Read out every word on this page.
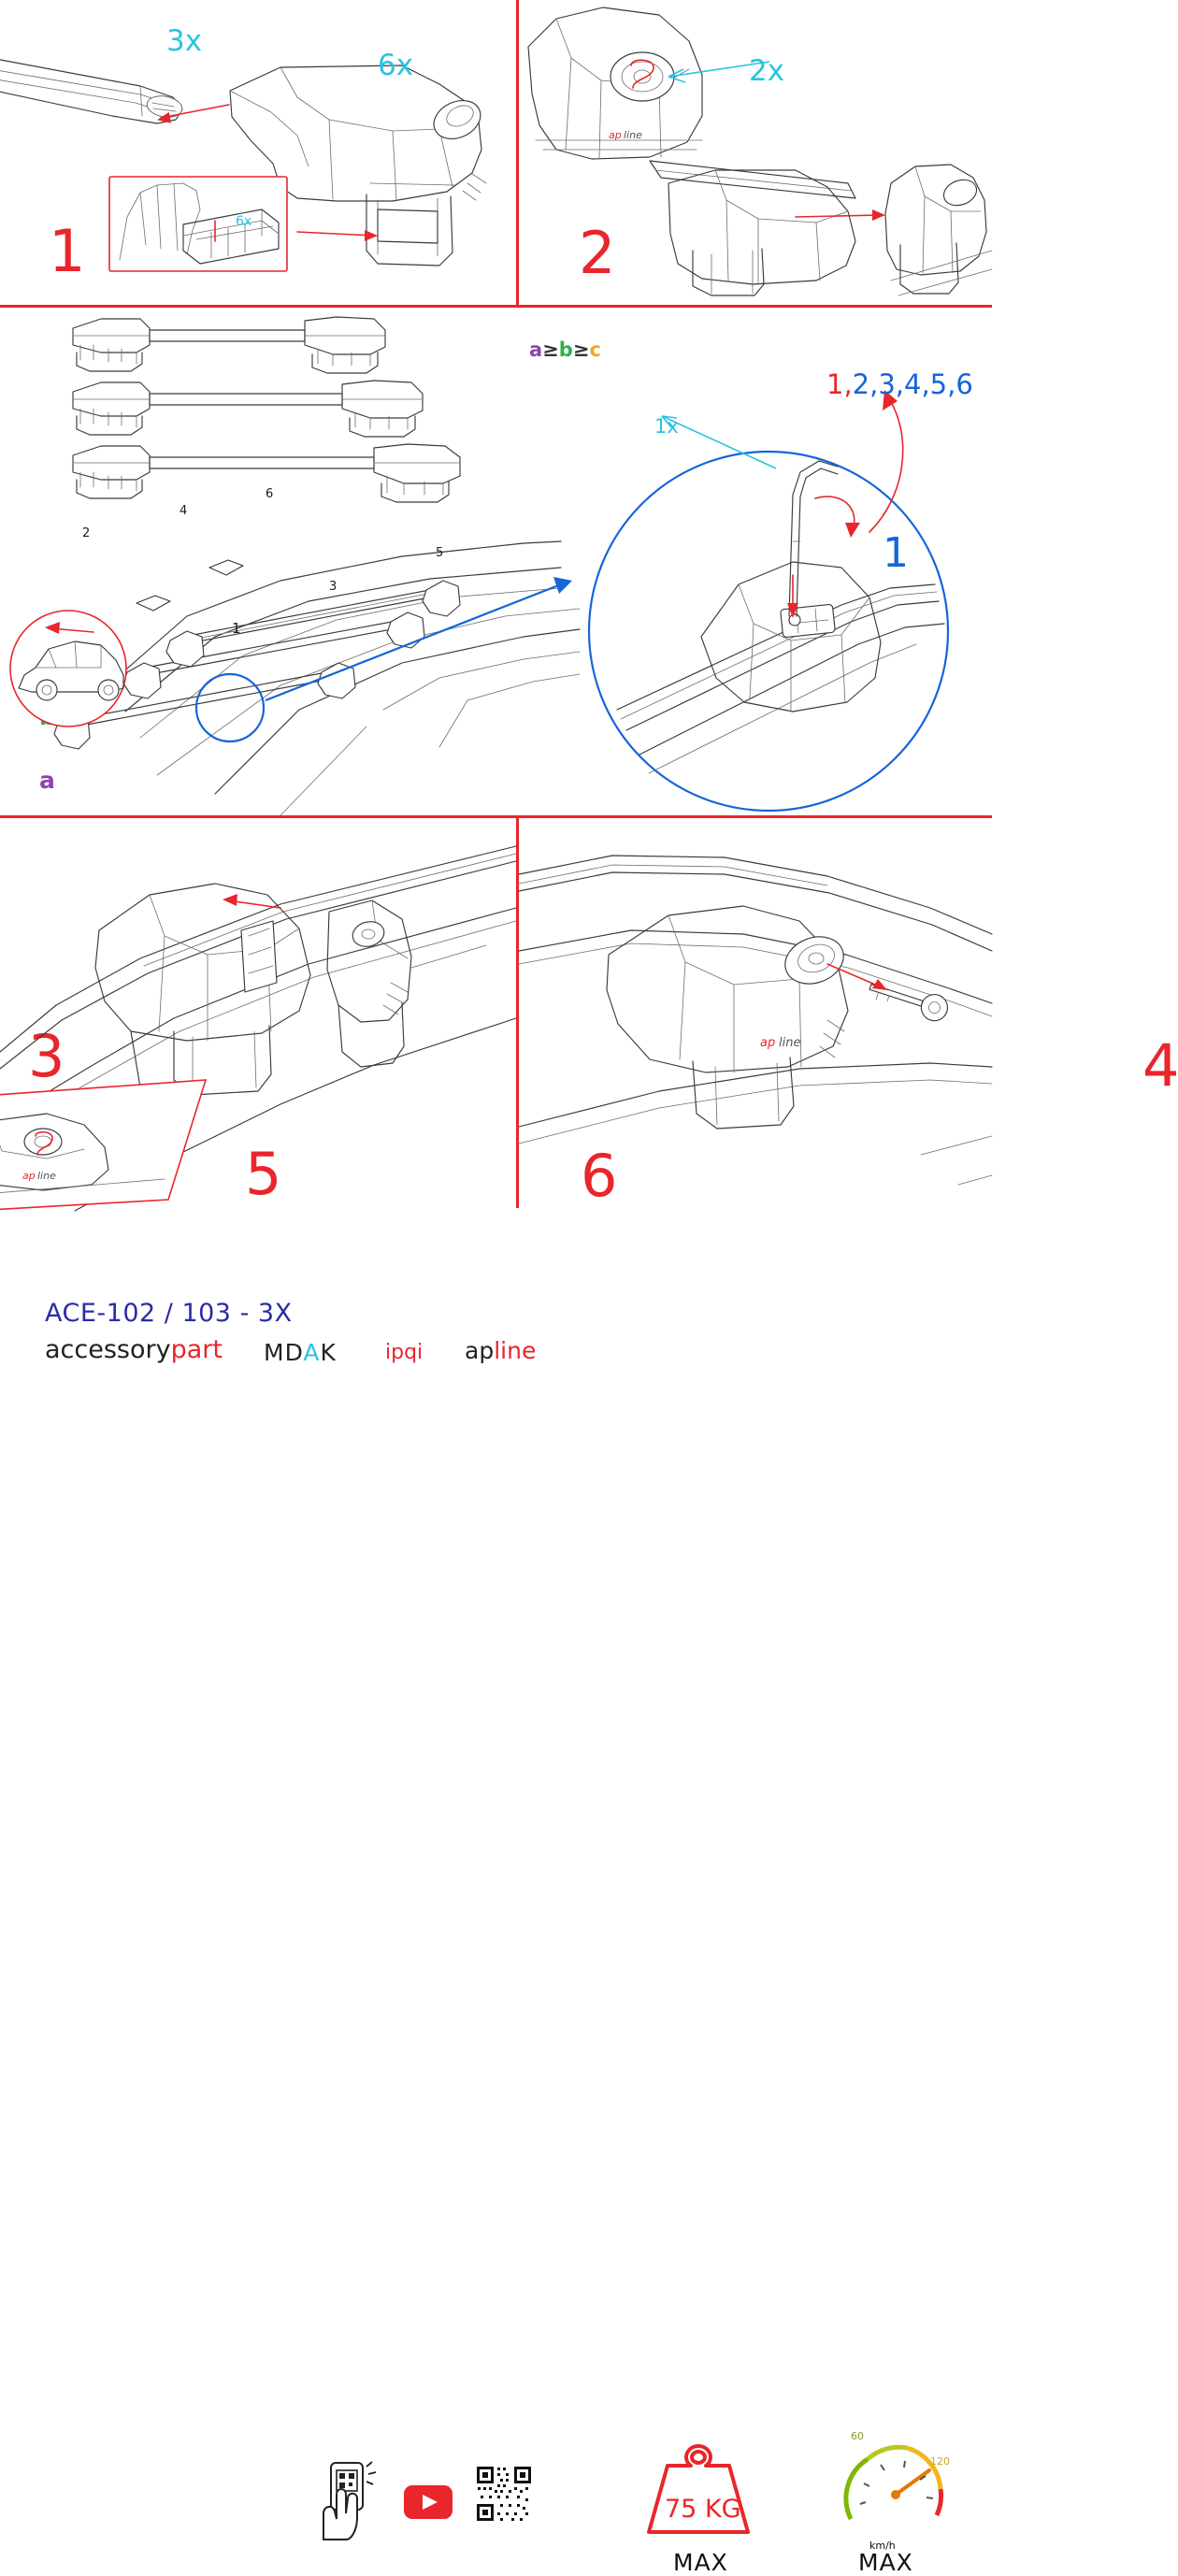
3x
6x
6x
1
ap line
2x
2
a
3
a≥b≥c
1
2
3
4
5
6
4
1x
1,2,3,4,5,6
1
ap line	5
ap line
6
75 KG
MAX
60
120
km/h
MAX
ACE-102 / 103 - 3X
accessorypart MDAK ipqi apline
